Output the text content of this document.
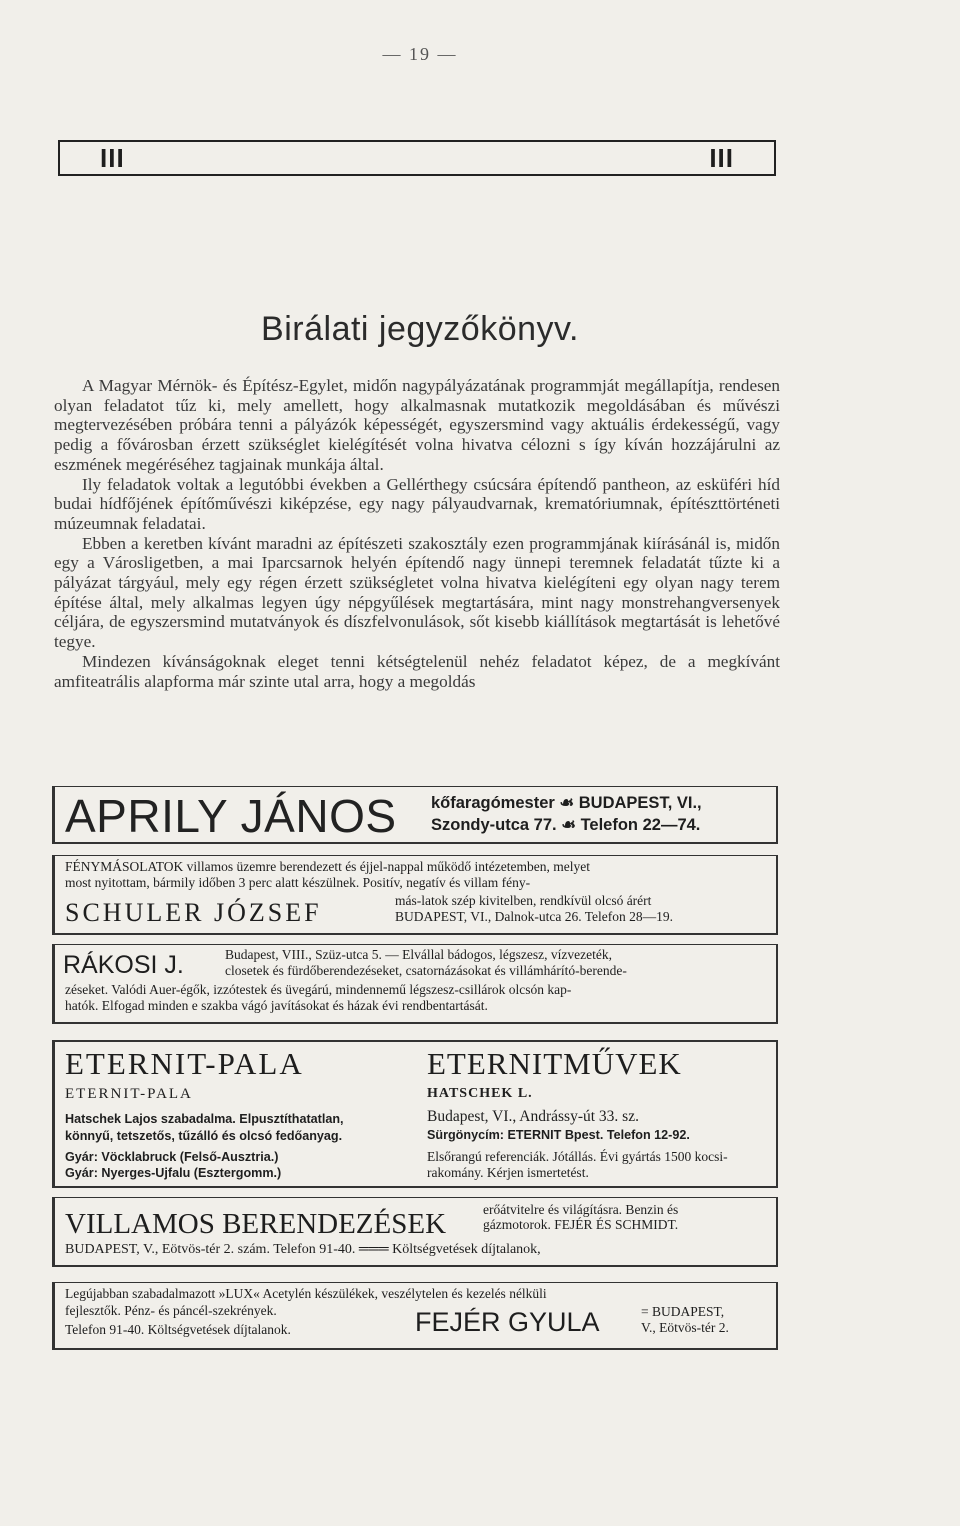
— 19 —
III	III
Birálati jegyzőkönyv.

A Magyar Mérnök- és Építész-Egylet, midőn nagypályázatának programmját megállapítja, rendesen olyan feladatot tűz ki, mely amellett, hogy alkalmasnak mutatkozik megoldásában és művészi megtervezésében próbára tenni a pályázók képességét, egyszersmind vagy aktuális érdekességű, vagy pedig a fővárosban érzett szükséglet kielégítését volna hivatva célozni s így kíván hozzájárulni az eszmének megéréséhez tagjainak munkája által.

Ily feladatok voltak a legutóbbi években a Gellérthegy csúcsára építendő pantheon, az esküféri híd budai hídfőjének építőművészi kiképzése, egy nagy pályaudvarnak, krematóriumnak, építészttörténeti múzeumnak feladatai.

Ebben a keretben kívánt maradni az építészeti szakosztály ezen programmjának kiírásánál is, midőn egy a Városligetben, a mai Iparcsarnok helyén építendő nagy ünnepi teremnek feladatát tűzte ki a pályázat tárgyául, mely egy régen érzett szükségletet volna hivatva kielégíteni egy olyan nagy terem építése által, mely alkalmas legyen úgy népgyűlések megtartására, mint nagy monstrehangversenyek céljára, de egyszersmind mutatványok és díszfelvonulások, sőt kisebb kiállítások megtartását is lehetővé tegye.

Mindezen kívánságoknak eleget tenni kétségtelenül nehéz feladatot képez, de a megkívánt amfiteatrális alapforma már szinte utal arra, hogy a megoldás

APRILY JÁNOS kőfaragómester ☙ BUDAPEST, VI.,
Szondy-utca 77. ☙ Telefon 22—74.
FÉNYMÁSOLATOK villamos üzemre berendezett és éjjel-nappal működő intézetemben, melyet
most nyitottam, bármily időben 3 perc alatt készülnek. Positív, negatív és villam fény-
SCHULER JÓZSEF	más-latok szép kivitelben, rendkívül olcsó árért
BUDAPEST, VI., Dalnok-utca 26. Telefon 28—19.
RÁKOSI J.	Budapest, VIII., Szüz-utca 5. — Elvállal bádogos, légszesz, vízvezeték,
closetek és fürdőberendezéseket, csatornázásokat és villámhárító-berende-
zéseket. Valódi Auer-égők, izzótestek és üvegárú, mindennemű légszesz-csillárok olcsón kap-
hatók. Elfogad minden e szakba vágó javításokat és házak évi rendbentartását.
ETERNIT-PALA	ETERNITMŰVEK
ETERNIT-PALA	HATSCHEK L.
Hatschek Lajos szabadalma. Elpusztíthatatlan,
könnyű, tetszetős, tűzálló és olcsó fedőanyag.
Gyár: Vöcklabruck (Felső-Ausztria.)
Gyár: Nyerges-Ujfalu (Esztergomm.)
Budapest, VI., Andrássy-út 33. sz.
Sürgönycím: ETERNIT Bpest. Telefon 12-92.
Elsőrangú referenciák. Jótállás. Évi gyártás 1500 kocsi-
rakomány. Kérjen ismertetést.
VILLAMOS BERENDEZÉSEK	erőátvitelre és világításra. Benzin és
gázmotorok. FEJÉR ÉS SCHMIDT.
BUDAPEST, V., Eötvös-tér 2. szám. Telefon 91-40. ═══ Költségvetések díjtalanok,
Legújabban szabadalmazott »LUX« Acetylén készülékek, veszélytelen és kezelés nélküli
fejlesztők. Pénz- és páncél-szekrények.
Telefon 91-40. Költségvetések díjtalanok.	FEJÉR GYULA	= BUDAPEST,
V., Eötvös-tér 2.
